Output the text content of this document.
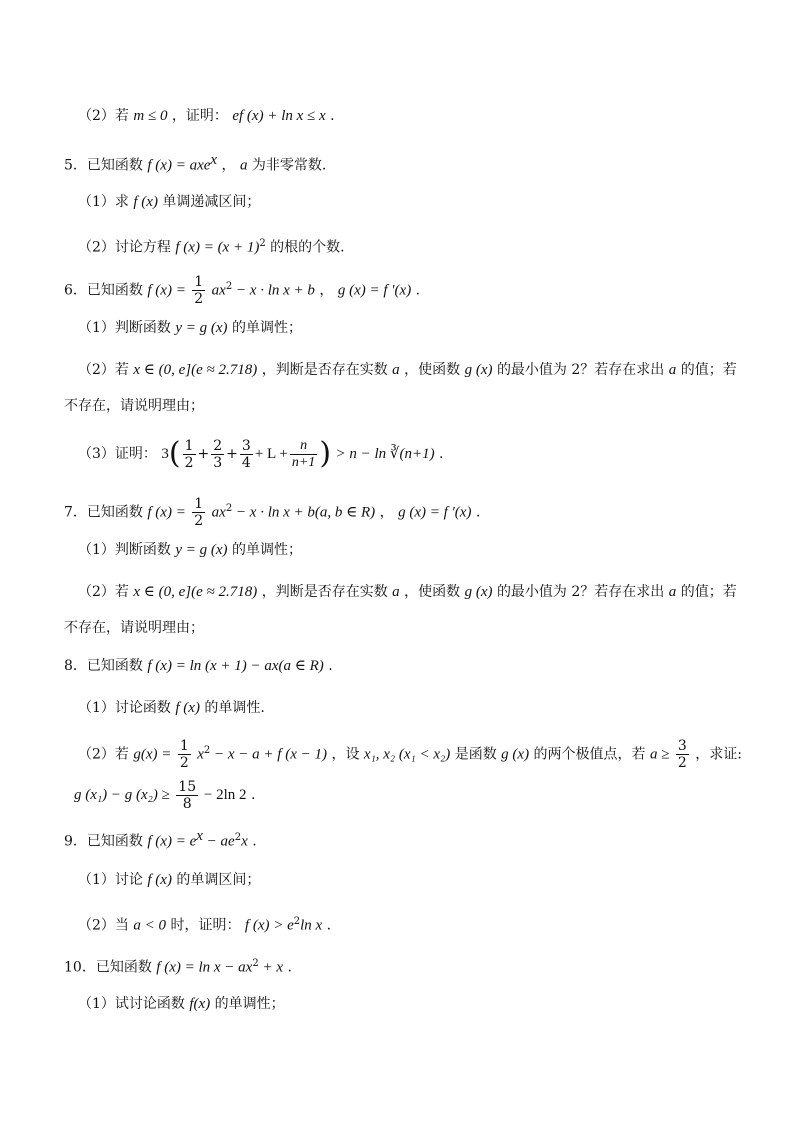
（2）若 m ≤ 0 ，证明： ef (x) + ln x ≤ x .
5．已知函数 f (x) = axe$^x$ ， a 为非零常数.
（1）求 f (x) 单调递减区间；
（2）讨论方程 f $(x) = (x + 1)^2$ 的根的个数.
6．已知函数 f $(x) = \frac{1}{2} ax^2 - x \cdot \ln x + b$ ， g (x) = f ′(x) .
（1）判断函数 y = g (x) 的单调性；
（2）若 x ∈ (0, e](e ≈ 2.718) ，判断是否存在实数 a ，使函数 g (x) 的最小值为 2？若存在求出 a 的值；若
不存在，请说明理由；
（3）证明： $3( \frac{1}{2} + \frac{2}{3} + \frac{3}{4} + L + \frac{n}{n+1}$ ) > n − ln ∛(n+1) .
7．已知函数 f $(x) = \frac{1}{2} ax^2 - x \cdot \ln x + b(a$, b ∈ R) ， g (x) = f ′(x) .
（1）判断函数 y = g (x) 的单调性；
（2）若 x ∈ (0, e](e ≈ 2.718) ，判断是否存在实数 a ，使函数 g (x) 的最小值为 2？若存在求出 a 的值；若
不存在，请说明理由；
8．已知函数 f (x) = ln (x + 1) − ax(a ∈ R) .
（1）讨论函数 f (x) 的单调性.
（2）若 $g(x) = \frac{1}{2} x^2 - x - a + f$ (x − 1) ，设 x₁, x₂ (x₁ < x₂) 是函数 g (x) 的两个极值点，若 $a \ge \frac{3}{2}$ ，求证:
g (x₁) − g $(x_2) \ge \frac{15}{8} - 2\ln$ 2 .
9．已知函数 f $(x) = e^x - ae^2x$ .
（1）讨论 f (x) 的单调区间；
（2）当 a < 0 时，证明： f $(x) > e^2\ln$ x .
10．已知函数 f $(x) = \ln x - ax^2 + x$ .
（1）试讨论函数 f(x) 的单调性；
